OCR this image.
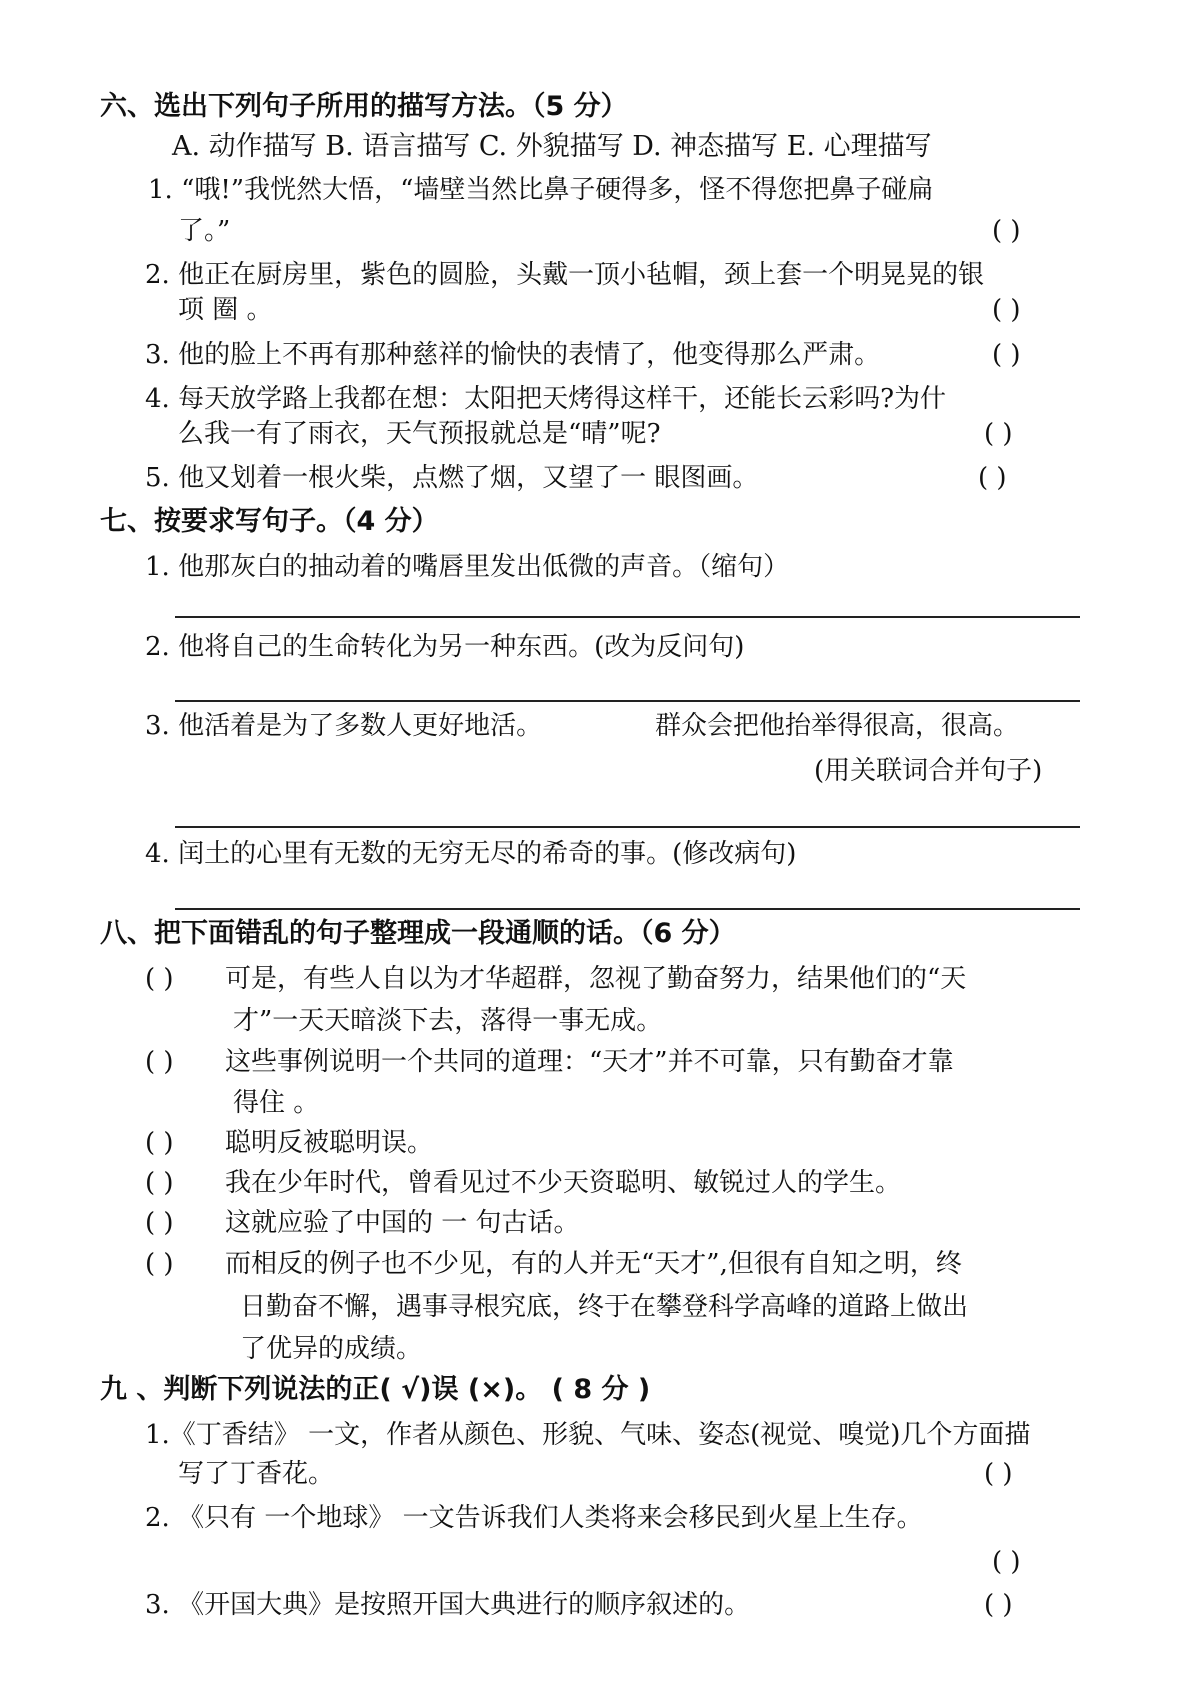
六、选出下列句子所用的描写方法。（5 分）
A. 动作描写 B. 语言描写 C. 外貌描写 D. 神态描写 E. 心理描写
1. “哦!”我恍然大悟，“墙壁当然比鼻子硬得多，怪不得您把鼻子碰扁
了。”	( )
2. 他正在厨房里，紫色的圆脸，头戴一顶小毡帽，颈上套一个明晃晃的银
项 圈 。	( )
3. 他的脸上不再有那种慈祥的愉快的表情了，他变得那么严肃。	( )
4. 每天放学路上我都在想：太阳把天烤得这样干，还能长云彩吗?为什
么我一有了雨衣，天气预报就总是“晴”呢?	( )
5. 他又划着一根火柴，点燃了烟，又望了一 眼图画。	( )
七、按要求写句子。（4 分）
1. 他那灰白的抽动着的嘴唇里发出低微的声音。（缩句）
2. 他将自己的生命转化为另一种东西。(改为反问句)
3. 他活着是为了多数人更好地活。	群众会把他抬举得很高，很高。
(用关联词合并句子)
4. 闰土的心里有无数的无穷无尽的希奇的事。(修改病句)
八、把下面错乱的句子整理成一段通顺的话。（6 分）
( ) 可是，有些人自以为才华超群，忽视了勤奋努力，结果他们的“天
才”一天天暗淡下去，落得一事无成。
( ) 这些事例说明一个共同的道理：“天才”并不可靠，只有勤奋才靠
得住 。
( ) 聪明反被聪明误。
( ) 我在少年时代，曾看见过不少天资聪明、敏锐过人的学生。
( ) 这就应验了中国的 一 句古话。
( ) 而相反的例子也不少见，有的人并无“天才”,但很有自知之明，终
日勤奋不懈，遇事寻根究底，终于在攀登科学高峰的道路上做出
了优异的成绩。
九 、判断下列说法的正( √)误 (×)。 ( 8 分 )
1.《丁香结》 一文，作者从颜色、形貌、气味、姿态(视觉、嗅觉)几个方面描
写了丁香花。	( )
2. 《只有 一个地球》 一文告诉我们人类将来会移民到火星上生存。
( )
3. 《开国大典》是按照开国大典进行的顺序叙述的。	( )
